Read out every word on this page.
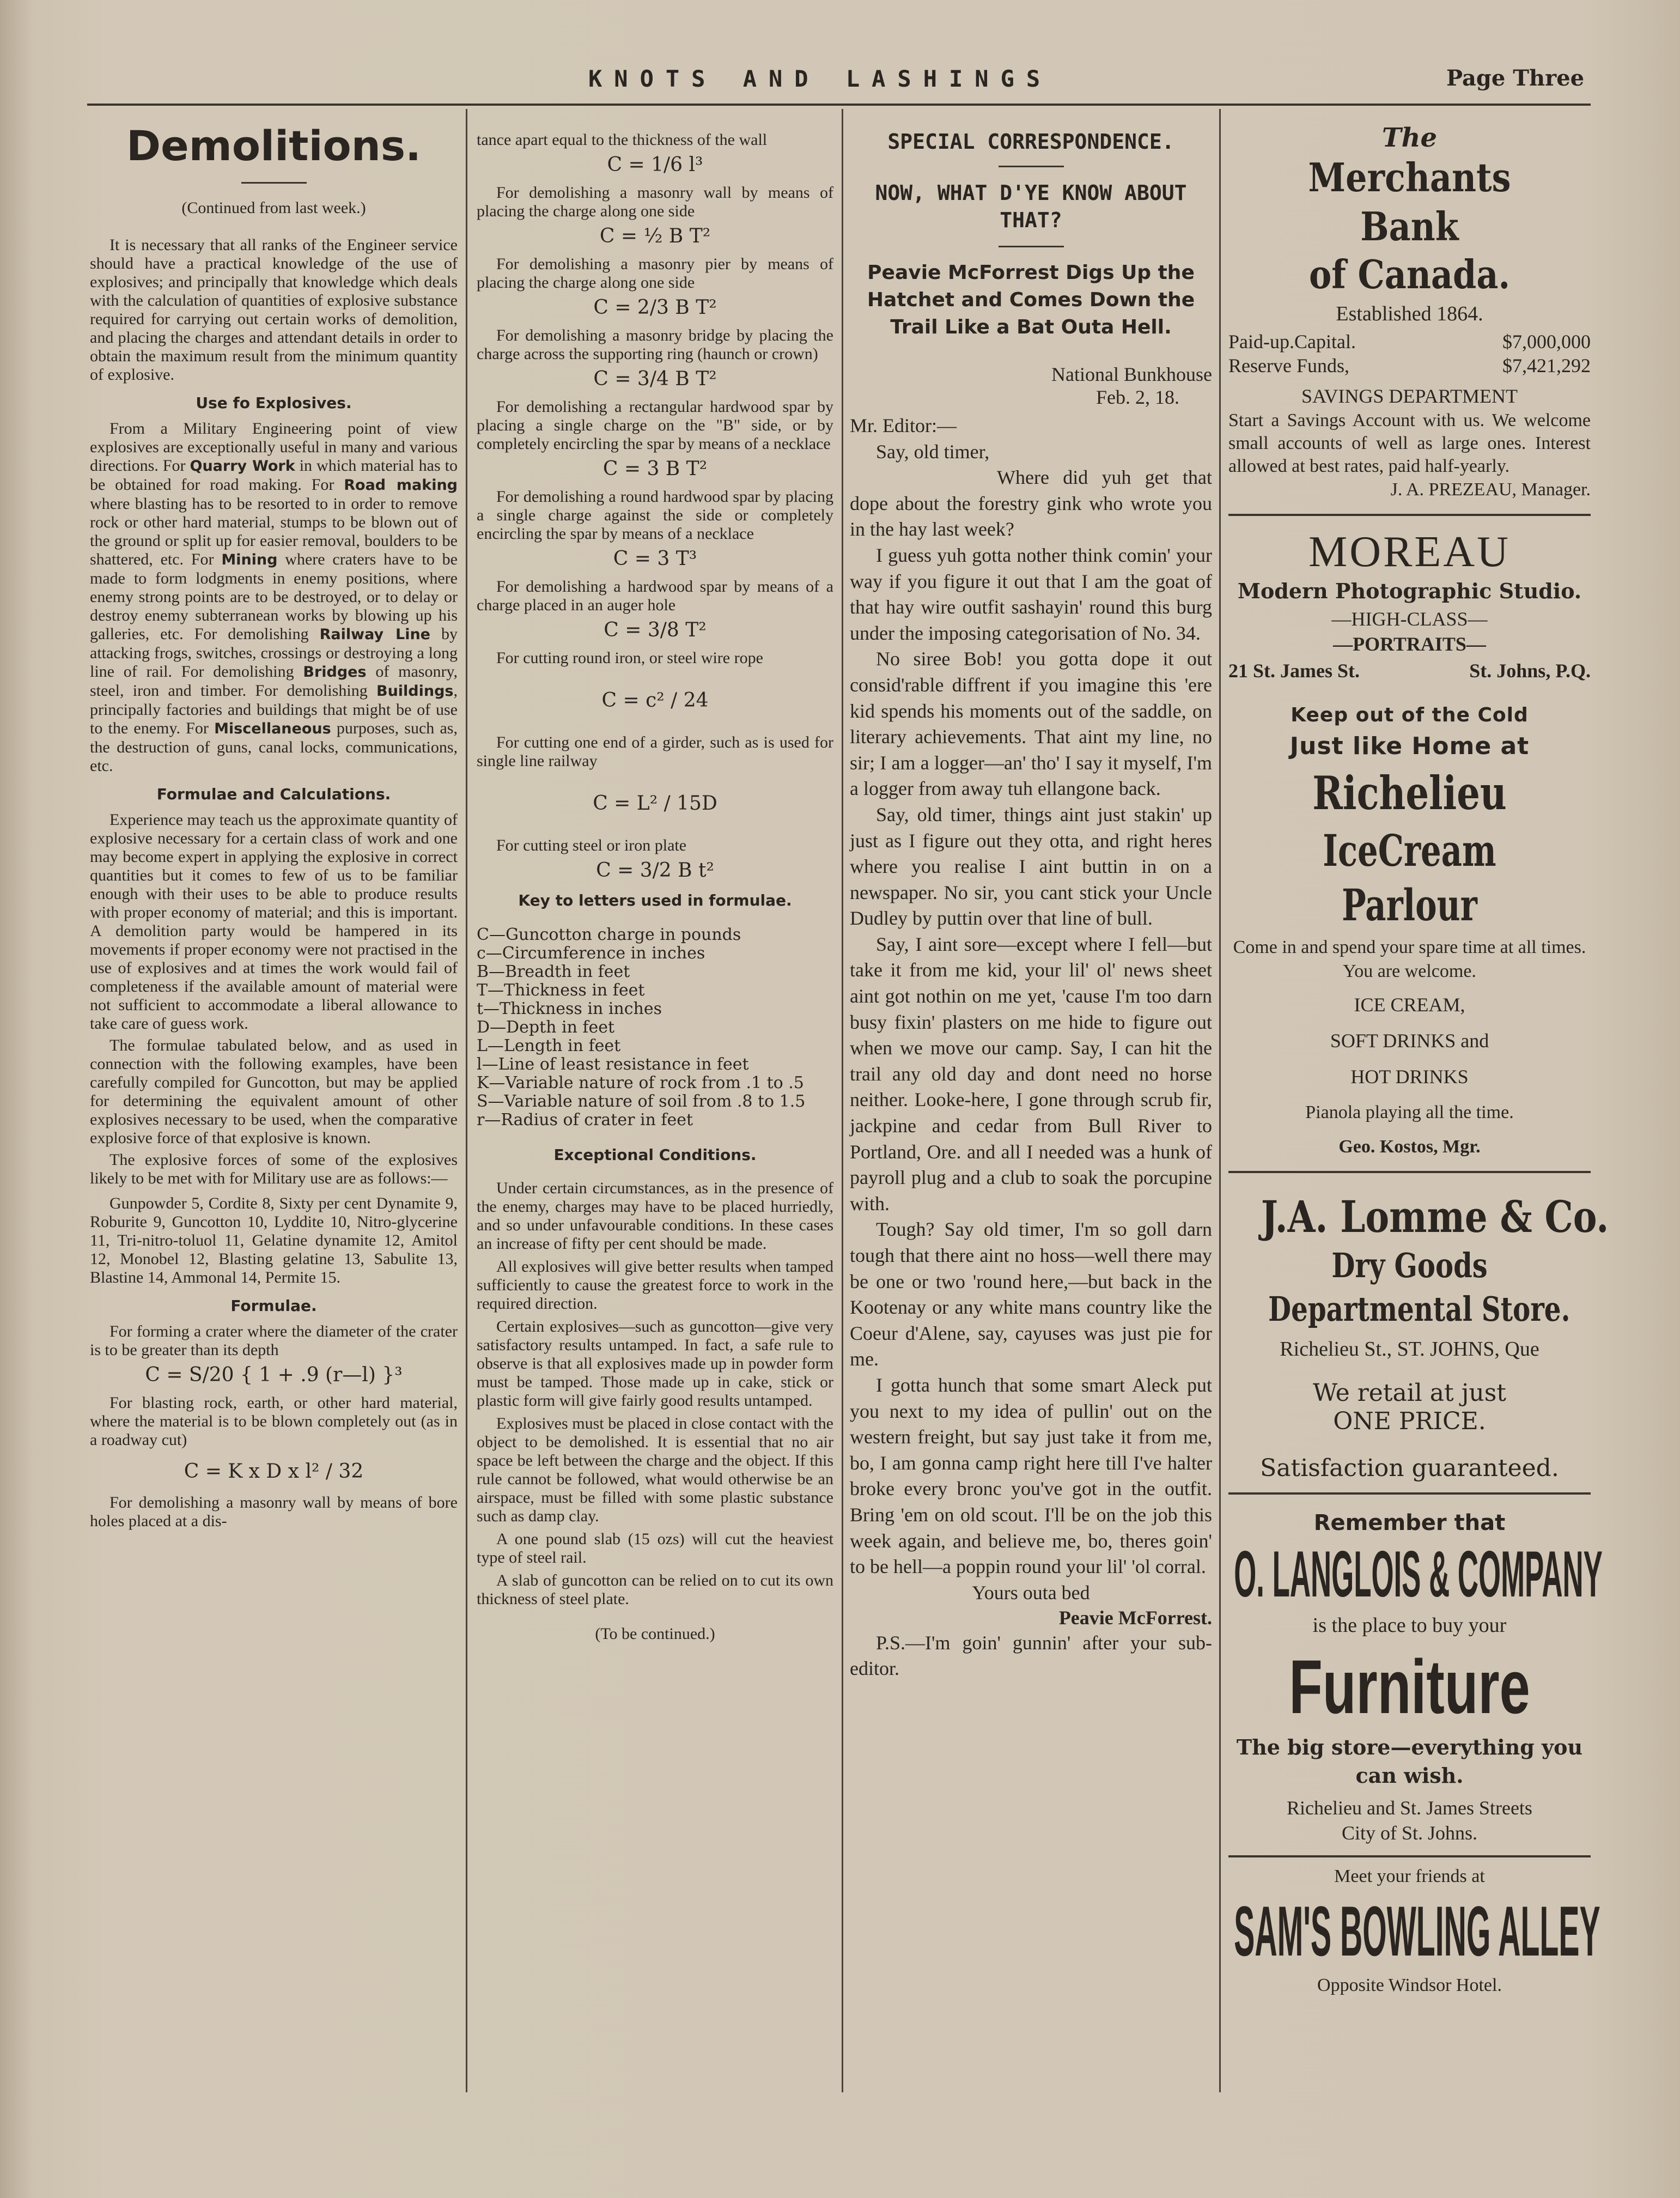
KNOTS AND LASHINGS	Page Three
Demolitions.

(Continued from last week.)

It is necessary that all ranks of the Engineer service should have a practical knowledge of the use of explosives; and principally that knowledge which deals with the calculation of quantities of explosive substance required for carrying out certain works of demolition, and placing the charges and attendant details in order to obtain the maximum result from the minimum quantity of explosive.

Use fo Explosives.

From a Military Engineering point of view explosives are exceptionally useful in many and various directions. For Quarry Work in which material has to be obtained for road making. For Road making where blasting has to be resorted to in order to remove rock or other hard material, stumps to be blown out of the ground or split up for easier removal, boulders to be shattered, etc. For Mining where craters have to be made to form lodgments in enemy positions, where enemy strong points are to be destroyed, or to delay or destroy enemy subterranean works by blowing up his galleries, etc. For demolishing Railway Line by attacking frogs, switches, crossings or destroying a long line of rail. For demolishing Bridges of masonry, steel, iron and timber. For demolishing Buildings, principally factories and buildings that might be of use to the enemy. For Miscellaneous purposes, such as, the destruction of guns, canal locks, communications, etc.

Formulae and Calculations.

Experience may teach us the approximate quantity of explosive necessary for a certain class of work and one may become expert in applying the explosive in correct quantities but it comes to few of us to be familiar enough with their uses to be able to produce results with proper economy of material; and this is important. A demolition party would be hampered in its movements if proper economy were not practised in the use of explosives and at times the work would fail of completeness if the available amount of material were not sufficient to accommodate a liberal allowance to take care of guess work.

The formulae tabulated below, and as used in connection with the following examples, have been carefully compiled for Guncotton, but may be applied for determining the equivalent amount of other explosives necessary to be used, when the comparative explosive force of that explosive is known.

The explosive forces of some of the explosives likely to be met with for Military use are as follows:—

Gunpowder 5, Cordite 8, Sixty per cent Dynamite 9, Roburite 9, Guncotton 10, Lyddite 10, Nitro-glycerine 11, Tri-nitro-toluol 11, Gelatine dynamite 12, Amitol 12, Monobel 12, Blasting gelatine 13, Sabulite 13, Blastine 14, Ammonal 14, Permite 15.

Formulae.

For forming a crater where the diameter of the crater is to be greater than its depth

C = S/20 { 1 + .9 (r—l) }³

For blasting rock, earth, or other hard material, where the material is to be blown completely out (as in a roadway cut)

C = K x D x l² / 32

For demolishing a masonry wall by means of bore holes placed at a dis-

tance apart equal to the thickness of the wall

C = 1/6 l³

For demolishing a masonry wall by means of placing the charge along one side

C = ½ B T²

For demolishing a masonry pier by means of placing the charge along one side

C = 2/3 B T²

For demolishing a masonry bridge by placing the charge across the supporting ring (haunch or crown)

C = 3/4 B T²

For demolishing a rectangular hardwood spar by placing a single charge on the "B" side, or by completely encircling the spar by means of a necklace

C = 3 B T²

For demolishing a round hardwood spar by placing a single charge against the side or completely encircling the spar by means of a necklace

C = 3 T³

For demolishing a hardwood spar by means of a charge placed in an auger hole

C = 3/8 T²

For cutting round iron, or steel wire rope

C = c² / 24

For cutting one end of a girder, such as is used for single line railway

C = L² / 15D

For cutting steel or iron plate

C = 3/2 B t²
Key to letters used in formulae.

C—Guncotton charge in pounds

c—Circumference in inches

B—Breadth in feet

T—Thickness in feet

t—Thickness in inches

D—Depth in feet

L—Length in feet

l—Line of least resistance in feet

K—Variable nature of rock from .1 to .5

S—Variable nature of soil from .8 to 1.5

r—Radius of crater in feet

Exceptional Conditions.

Under certain circumstances, as in the presence of the enemy, charges may have to be placed hurriedly, and so under unfavourable conditions. In these cases an increase of fifty per cent should be made.

All explosives will give better results when tamped sufficiently to cause the greatest force to work in the required direction.

Certain explosives—such as guncotton—give very satisfactory results untamped. In fact, a safe rule to observe is that all explosives made up in powder form must be tamped. Those made up in cake, stick or plastic form will give fairly good results untamped.

Explosives must be placed in close contact with the object to be demolished. It is essential that no air space be left between the charge and the object. If this rule cannot be followed, what would otherwise be an airspace, must be filled with some plastic substance such as damp clay.

A one pound slab (15 ozs) will cut the heaviest type of steel rail.

A slab of guncotton can be relied on to cut its own thickness of steel plate.

(To be continued.)

SPECIAL CORRESPONDENCE.
NOW, WHAT D'YE KNOW ABOUT THAT?
Peavie McForrest Digs Up the Hatchet and Comes Down the Trail Like a Bat Outa Hell.
National Bunkhouse
Feb. 2, 18.

Mr. Editor:—

Say, old timer,

Where did yuh get that dope about the forestry gink who wrote you in the hay last week?

I guess yuh gotta nother think comin' your way if you figure it out that I am the goat of that hay wire outfit sashayin' round this burg under the imposing categorisation of No. 34.

No siree Bob! you gotta dope it out consid'rable diffrent if you imagine this 'ere kid spends his moments out of the saddle, on literary achievements. That aint my line, no sir; I am a logger—an' tho' I say it myself, I'm a logger from away tuh ellangone back.

Say, old timer, things aint just stakin' up just as I figure out they otta, and right heres where you realise I aint buttin in on a newspaper. No sir, you cant stick your Uncle Dudley by puttin over that line of bull.

Say, I aint sore—except where I fell—but take it from me kid, your lil' ol' news sheet aint got nothin on me yet, 'cause I'm too darn busy fixin' plasters on me hide to figure out when we move our camp. Say, I can hit the trail any old day and dont need no horse neither. Looke-here, I gone through scrub fir, jackpine and cedar from Bull River to Portland, Ore. and all I needed was a hunk of payroll plug and a club to soak the porcupine with.

Tough? Say old timer, I'm so goll darn tough that there aint no hoss—well there may be one or two 'round here,—but back in the Kootenay or any white mans country like the Coeur d'Alene, say, cayuses was just pie for me.

I gotta hunch that some smart Aleck put you next to my idea of pullin' out on the western freight, but say just take it from me, bo, I am gonna camp right here till I've halter broke every bronc you've got in the outfit. Bring 'em on old scout. I'll be on the job this week again, and believe me, bo, theres goin' to be hell—a poppin round your lil' 'ol corral.

Yours outa bed
Peavie McForrest.

P.S.—I'm goin' gunnin' after your sub-editor.

The
Merchants Bank
of Canada.
Established 1864.
Paid-up.Capital.	$7,000,000
Reserve Funds,	$7,421,292
SAVINGS DEPARTMENT
Start a Savings Account with us. We welcome small accounts of well as large ones. Interest allowed at best rates, paid half-yearly.
J. A. PREZEAU, Manager.
MOREAU
Modern Photographic Studio.
—HIGH-CLASS—
—PORTRAITS—
21 St. James St.	St. Johns, P.Q.
Keep out of the Cold
Just like Home at
Richelieu
IceCream Parlour
Come in and spend your spare time at all times. You are welcome.
ICE CREAM,
SOFT DRINKS and
HOT DRINKS
Pianola playing all the time.
Geo. Kostos, Mgr.
J.A. Lomme & Co.
Dry Goods
Departmental Store.
Richelieu St., ST. JOHNS, Que
We retail at just
ONE PRICE.
Satisfaction guaranteed.
Remember that
O. LANGLOIS & COMPANY
is the place to buy your
Furniture
The big store—everything you can wish.
Richelieu and St. James Streets
City of St. Johns.
Meet your friends at
SAM'S BOWLING ALLEY
Opposite Windsor Hotel.
